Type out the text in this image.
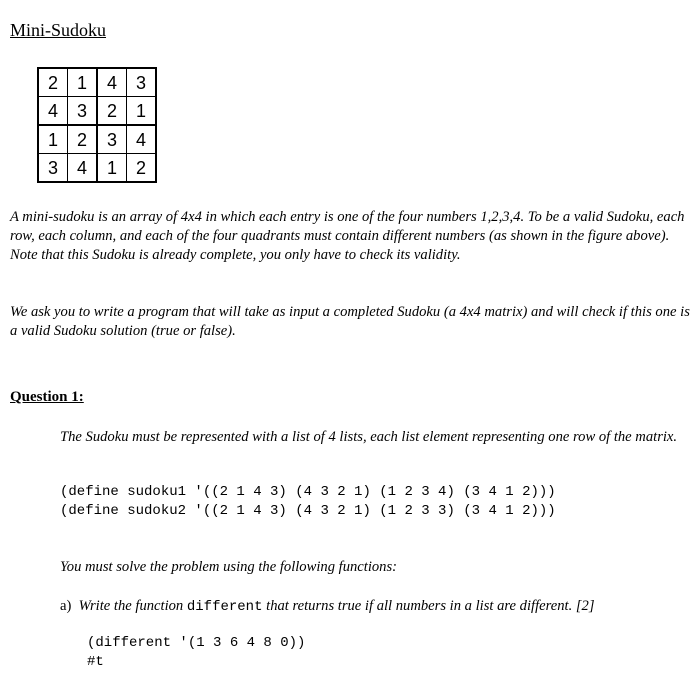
Mini-Sudoku
2	1	4	3
4	3	2	1
1	2	3	4
3	4	1	2
A mini-sudoku is an array of 4x4 in which each entry is one of the four numbers 1,2,3,4. To be a valid Sudoku, each row, each column, and each of the four quadrants must contain different numbers (as shown in the figure above). Note that this Sudoku is already complete, you only have to check its validity.
We ask you to write a program that will take as input a completed Sudoku (a 4x4 matrix) and will check if this one is a valid Sudoku solution (true or false).
Question 1:
The Sudoku must be represented with a list of 4 lists, each list element representing one row of the matrix.
(define sudoku1 '((2 1 4 3) (4 3 2 1) (1 2 3 4) (3 4 1 2)))
(define sudoku2 '((2 1 4 3) (4 3 2 1) (1 2 3 3) (3 4 1 2)))
You must solve the problem using the following functions:
a) Write the function different that returns true if all numbers in a list are different. [2]
(different '(1 3 6 4 8 0))
#t
